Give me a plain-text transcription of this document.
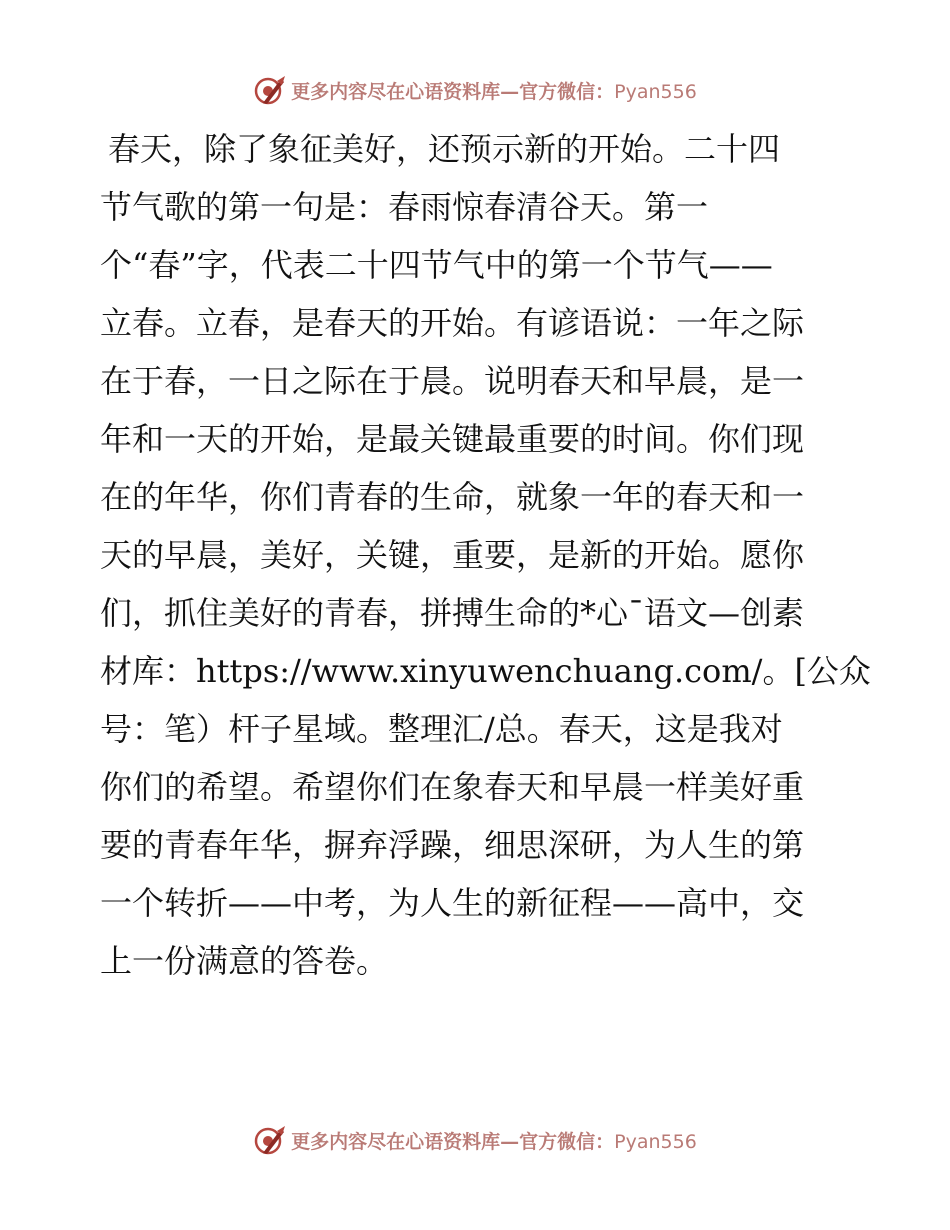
更多内容尽在心语资料库—官方微信：Pyan556
春天，除了象征美好，还预示新的开始。二十四
节气歌的第一句是：春雨惊春清谷天。第一
个“春”字，代表二十四节气中的第一个节气——
立春。立春，是春天的开始。有谚语说：一年之际
在于春，一日之际在于晨。说明春天和早晨，是一
年和一天的开始，是最关键最重要的时间。你们现
在的年华，你们青春的生命，就象一年的春天和一
天的早晨，美好，关键，重要，是新的开始。愿你
们，抓住美好的青春，拼搏生命的*心¯语文—创素
材库：https://www.xinyuwenchuang.com/。[公众
号：笔）杆子星域。整理汇/总。春天，这是我对
你们的希望。希望你们在象春天和早晨一样美好重
要的青春年华，摒弃浮躁，细思深研，为人生的第
一个转折——中考，为人生的新征程——高中，交
上一份满意的答卷。
更多内容尽在心语资料库—官方微信：Pyan556
